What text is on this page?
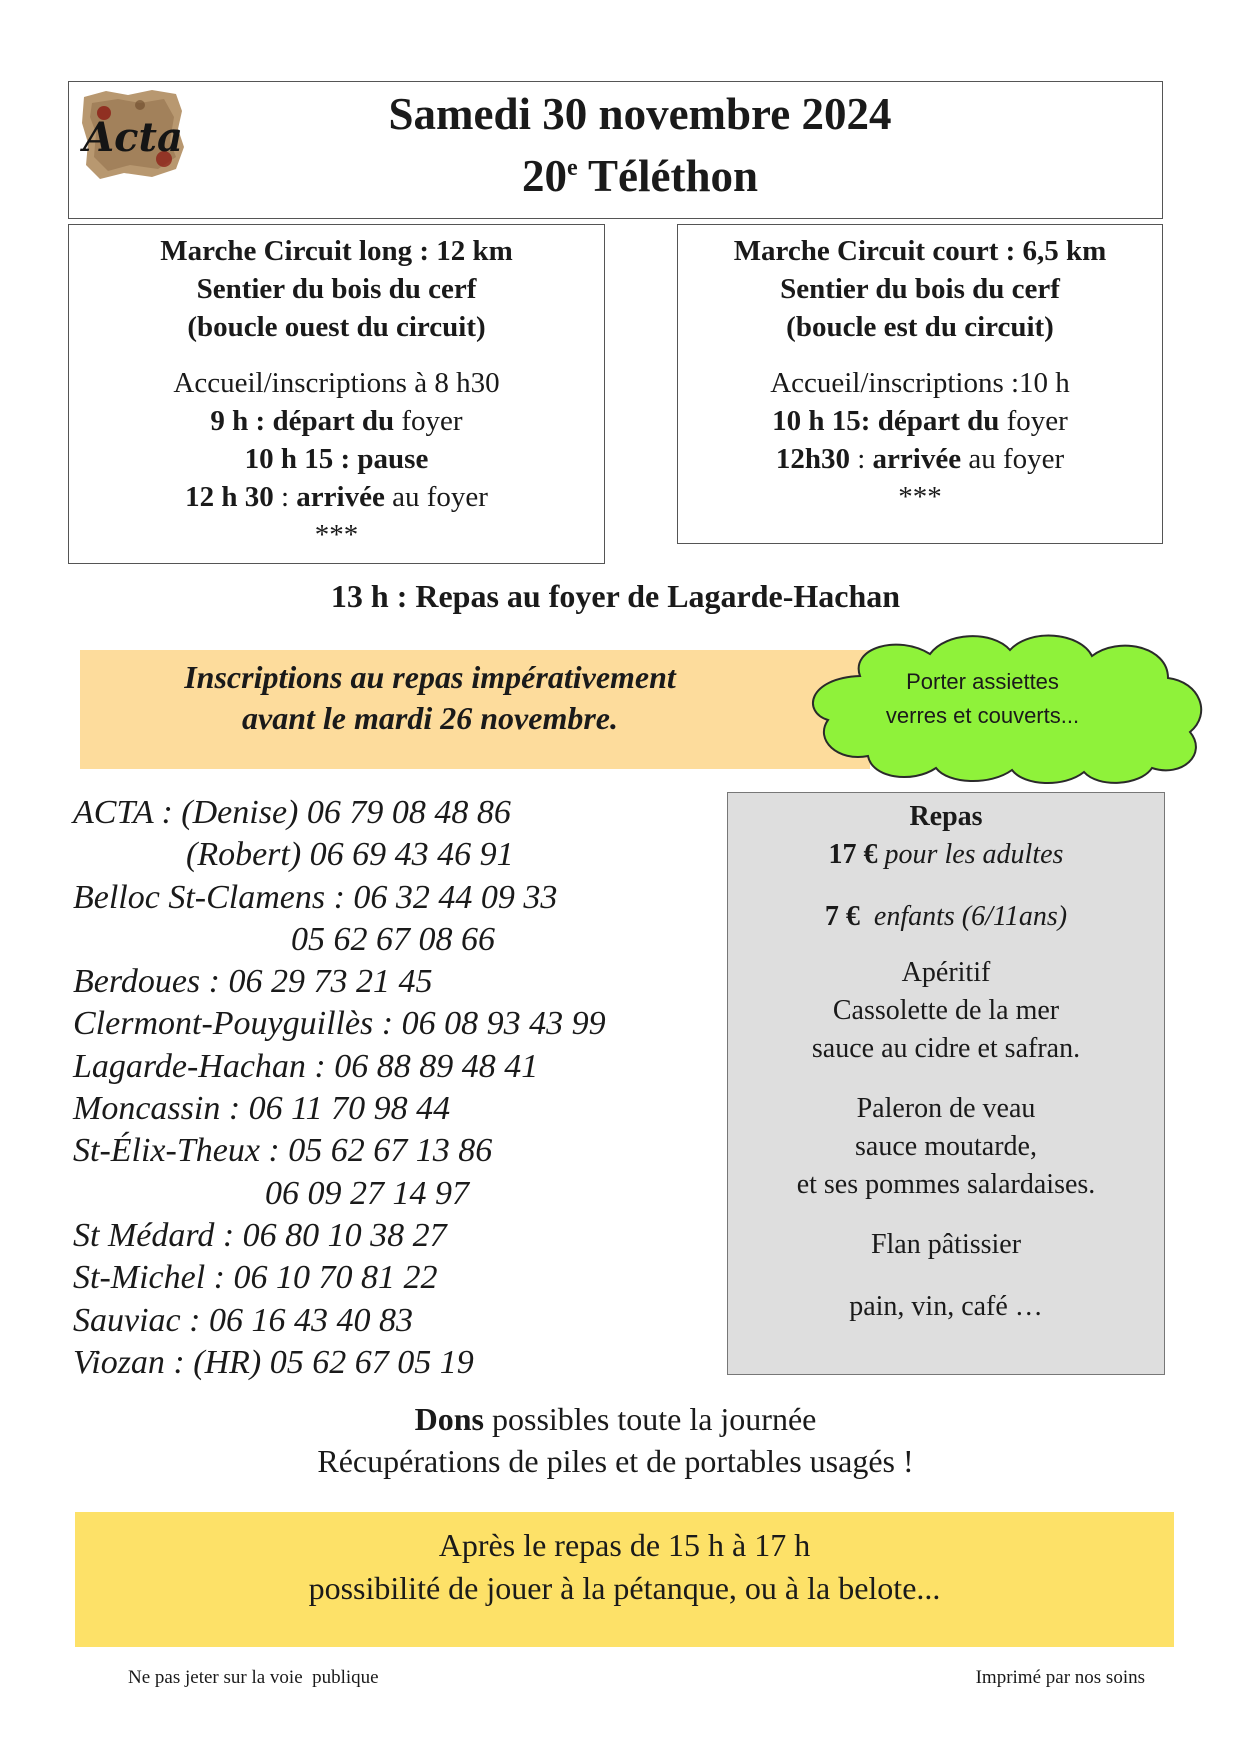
Acta	Samedi 30 novembre 2024
20e Téléthon
Marche Circuit long : 12 km
Sentier du bois du cerf
(boucle ouest du circuit)
Accueil/inscriptions à 8 h30
9 h : départ du foyer
10 h 15 : pause
12 h 30 : arrivée au foyer
***
Marche Circuit court : 6,5 km
Sentier du bois du cerf
(boucle est du circuit)
Accueil/inscriptions :10 h
10 h 15: départ du foyer
12h30 : arrivée au foyer
***
13 h : Repas au foyer de Lagarde-Hachan
Inscriptions au repas impérativement
avant le mardi 26 novembre.
Porter assiettes
verres et couverts...
ACTA : (Denise) 06 79 08 48 86
(Robert) 06 69 43 46 91
Belloc St-Clamens : 06 32 44 09 33
05 62 67 08 66
Berdoues : 06 29 73 21 45
Clermont-Pouyguillès : 06 08 93 43 99
Lagarde-Hachan : 06 88 89 48 41
Moncassin : 06 11 70 98 44
St-Élix-Theux : 05 62 67 13 86
06 09 27 14 97
St Médard : 06 80 10 38 27
St-Michel : 06 10 70 81 22
Sauviac : 06 16 43 40 83
Viozan : (HR) 05 62 67 05 19
Repas
17 € pour les adultes
7 €  enfants (6/11ans)
Apéritif
Cassolette de la mer
sauce au cidre et safran.
Paleron de veau
sauce moutarde,
et ses pommes salardaises.
Flan pâtissier
pain, vin, café …
Dons possibles toute la journée
Récupérations de piles et de portables usagés !
Après le repas de 15 h à 17 h
possibilité de jouer à la pétanque, ou à la belote...
Ne pas jeter sur la voie  publique	Imprimé par nos soins
